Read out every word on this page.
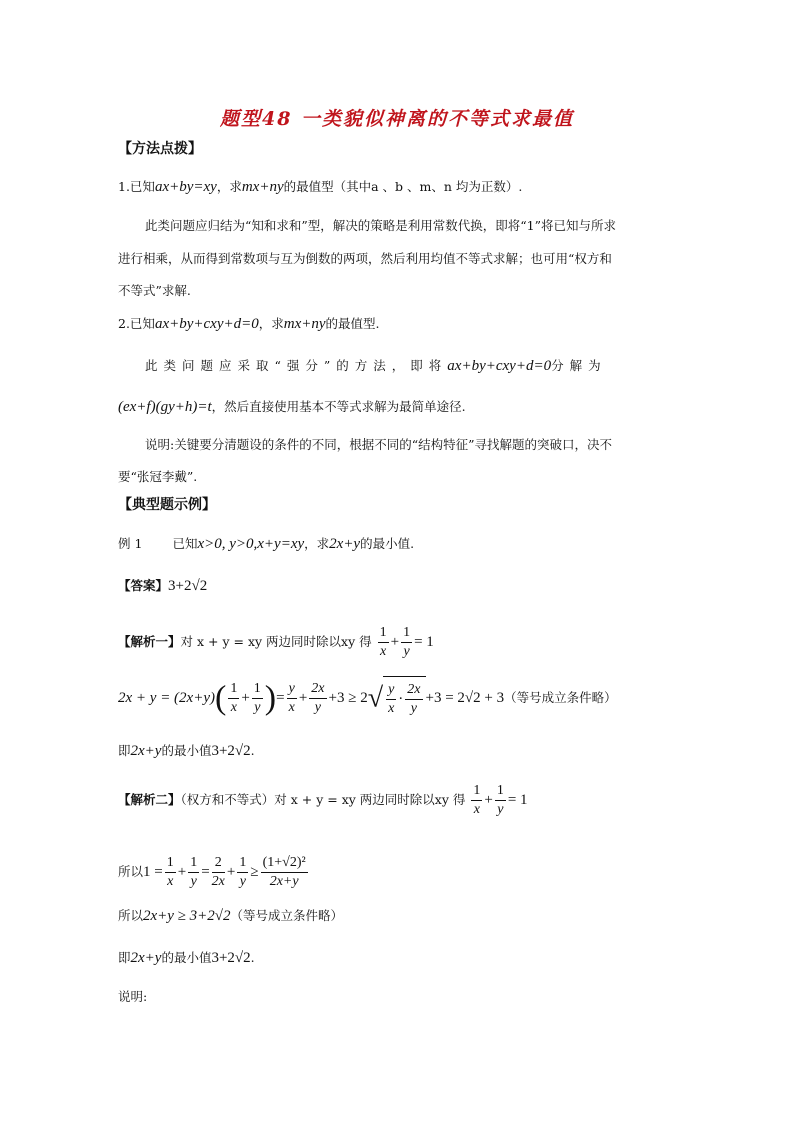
题型48 一类貌似神离的不等式求最值
【方法点拨】
1.已知ax+by=xy，求mx+ny的最值型（其中a 、b 、m、n 均为正数）.
此类问题应归结为“知和求和”型，解决的策略是利用常数代换，即将“1”将已知与所求
进行相乘，从而得到常数项与互为倒数的两项，然后利用均值不等式求解；也可用“权方和
不等式”求解.
2.已知ax+by+cxy+d=0，求mx+ny的最值型.
此类问题应采取“强分”的方法，即将ax+by+cxy+d=0分解为
(ex+f)(gy+h)=t，然后直接使用基本不等式求解为最简单途径.
说明:关键要分清题设的条件的不同，根据不同的“结构特征”寻找解题的突破口，决不
要“张冠李戴”.
【典型题示例】
例 1 已知x>0, y>0,x+y=xy，求2x+y的最小值.
【答案】3+2√2
【解析一】对 x + y = xy 两边同时除以xy 得 $\frac{1}{x} + \frac{1}{y} = 1$
$2x + y = (2x+y)( \frac{1}{x} + \frac{1}{y}$ )= $\frac{y}{x} + \frac{2x}{y} +3 \ge 2√ \frac{y}{x} \cdot \frac{2x}{y} +3 = 2√2 + 3$（等号成立条件略）
即2x+y的最小值3+2√2.
【解析二】（权方和不等式）对 x + y = xy 两边同时除以xy 得 $\frac{1}{x} + \frac{1}{y} = 1$
所以$1 = \frac{1}{x} + \frac{1}{y} = \frac{2}{2x} + \frac{1}{y} \ge \frac{\text{(1+√2)²}}{2x+y}$
所以2x+y ≥ 3+2√2（等号成立条件略）
即2x+y的最小值3+2√2.
说明:
